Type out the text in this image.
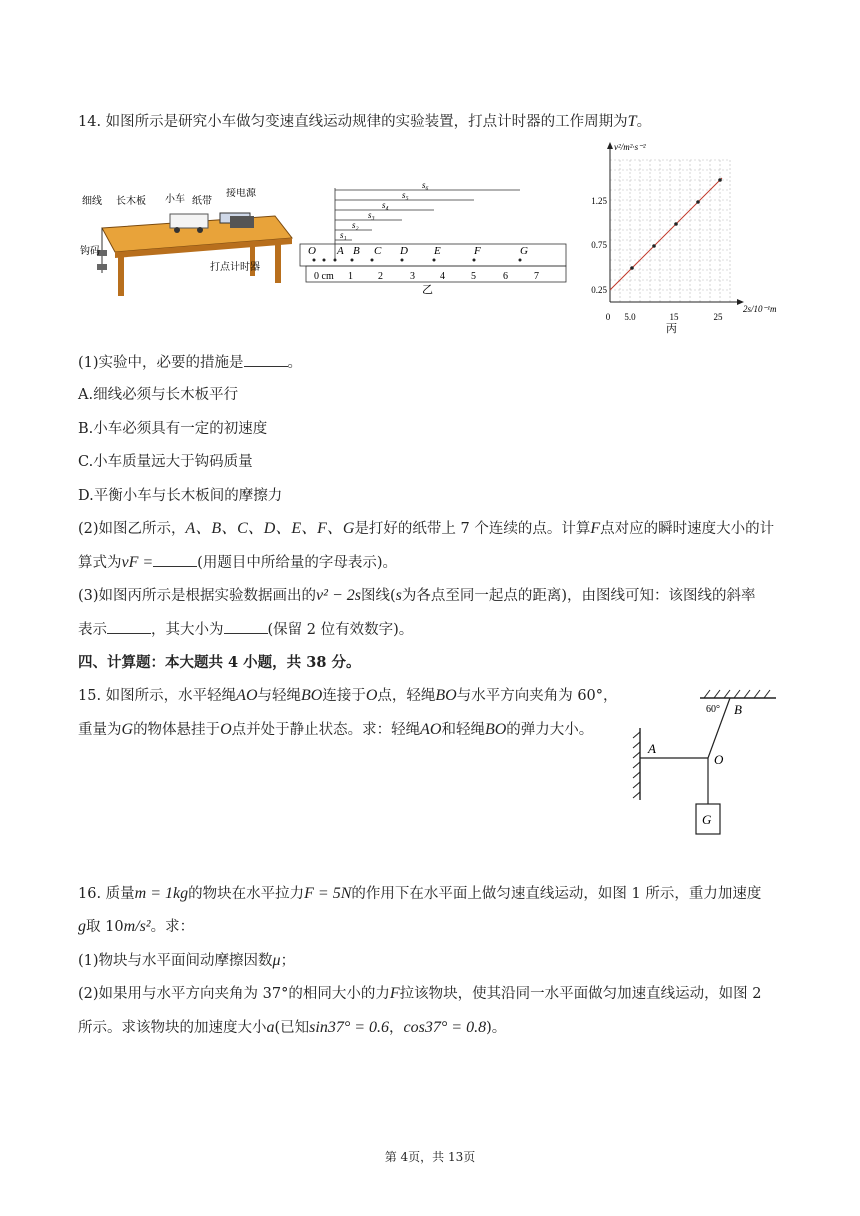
14. 如图所示是研究小车做匀变速直线运动规律的实验装置，打点计时器的工作周期为T。
细线 长木板 小车 纸带
接电源
钩码
打点计时器
s₆
s₅
s₄
s₃
s₂
s₁
O A B C D E	F	G
0 cm 1	2	3	4	5	6	7
乙
v²/m²·s⁻²
2s/10⁻¹m
0.25
0.75
1.25
0 5.0	15	25
丙
(1)实验中，必要的措施是	。
A.细线必须与长木板平行
B.小车必须具有一定的初速度
C.小车质量远大于钩码质量
D.平衡小车与长木板间的摩擦力
(2)如图乙所示，A、B、C、D、E、F、G是打好的纸带上 7 个连续的点。计算F点对应的瞬时速度大小的计
算式为vF =	(用题目中所给量的字母表示)。
(3)如图丙所示是根据实验数据画出的v² − 2s图线(s为各点至同一起点的距离)，由图线可知：该图线的斜率
表示	，其大小为	(保留 2 位有效数字)。
四、计算题：本大题共 4 小题，共 38 分。
15. 如图所示，水平轻绳AO与轻绳BO连接于O点，轻绳BO与水平方向夹角为 60°，
重量为G的物体悬挂于O点并处于静止状态。求：轻绳AO和轻绳BO的弹力大小。
60° B
A
O
G
16. 质量m = 1kg的物块在水平拉力F = 5N的作用下在水平面上做匀速直线运动，如图 1 所示，重力加速度
g取 10m/s²。求：
(1)物块与水平面间动摩擦因数μ；
(2)如果用与水平方向夹角为 37°的相同大小的力F拉该物块，使其沿同一水平面做匀加速直线运动，如图 2
所示。求该物块的加速度大小a(已知sin37° = 0.6，cos37° = 0.8)。
第 4页，共 13页
